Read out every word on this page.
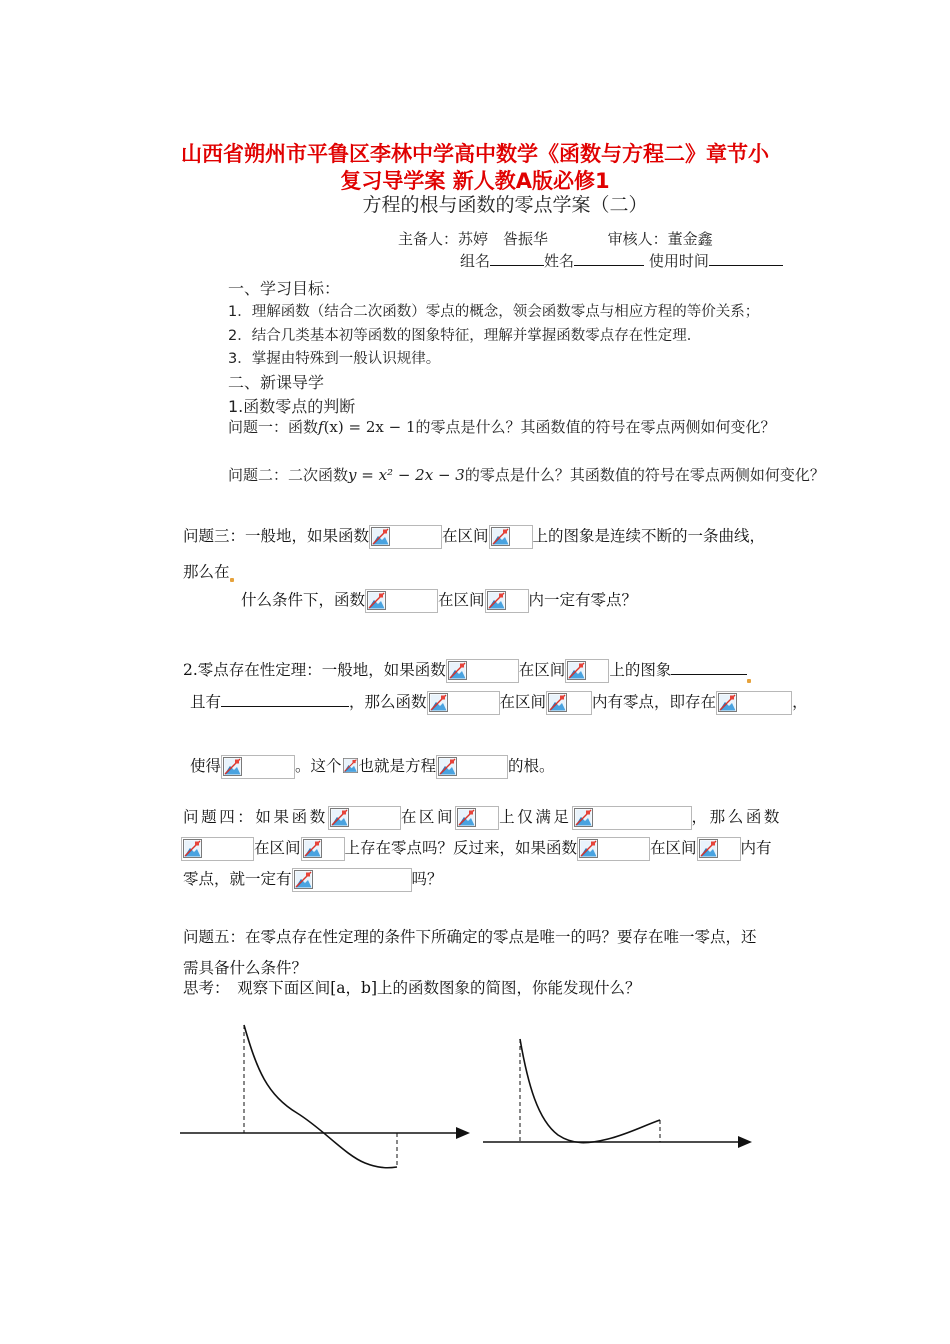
山西省朔州市平鲁区李林中学高中数学《函数与方程二》章节小
复习导学案 新人教A版必修1
方程的根与函数的零点学案（二）
主备人：苏婷　昝振华	审核人：董金鑫
组名	姓名	使用时间
一、学习目标：
1．理解函数（结合二次函数）零点的概念，领会函数零点与相应方程的等价关系；
2．结合几类基本初等函数的图象特征，理解并掌握函数零点存在性定理．
3．掌握由特殊到一般认识规律。
二、新课导学
1.函数零点的判断
问题一：函数f(x) = 2x − 1的零点是什么？其函数值的符号在零点两侧如何变化？
问题二：二次函数y = x² − 2x − 3的零点是什么？其函数值的符号在零点两侧如何变化？
问题三：一般地，如果函数	在区间	上的图象是连续不断的一条曲线，
那么在
什么条件下，函数	在区间	内一定有零点？
2.零点存在性定理：一般地，如果函数	在区间	上的图象
且有	，那么函数	在区间	内有零点，即存在	，
使得	。这个 也就是方程	的根。
问题四：如果函数	在区间	上仅满足	，那么函数
在区间	上存在零点吗？反过来，如果函数	在区间	内有
零点，就一定有	吗？
问题五：在零点存在性定理的条件下所确定的零点是唯一的吗？要存在唯一零点，还
需具备什么条件？
思考：　观察下面区间[a，b]上的函数图象的简图，你能发现什么？
